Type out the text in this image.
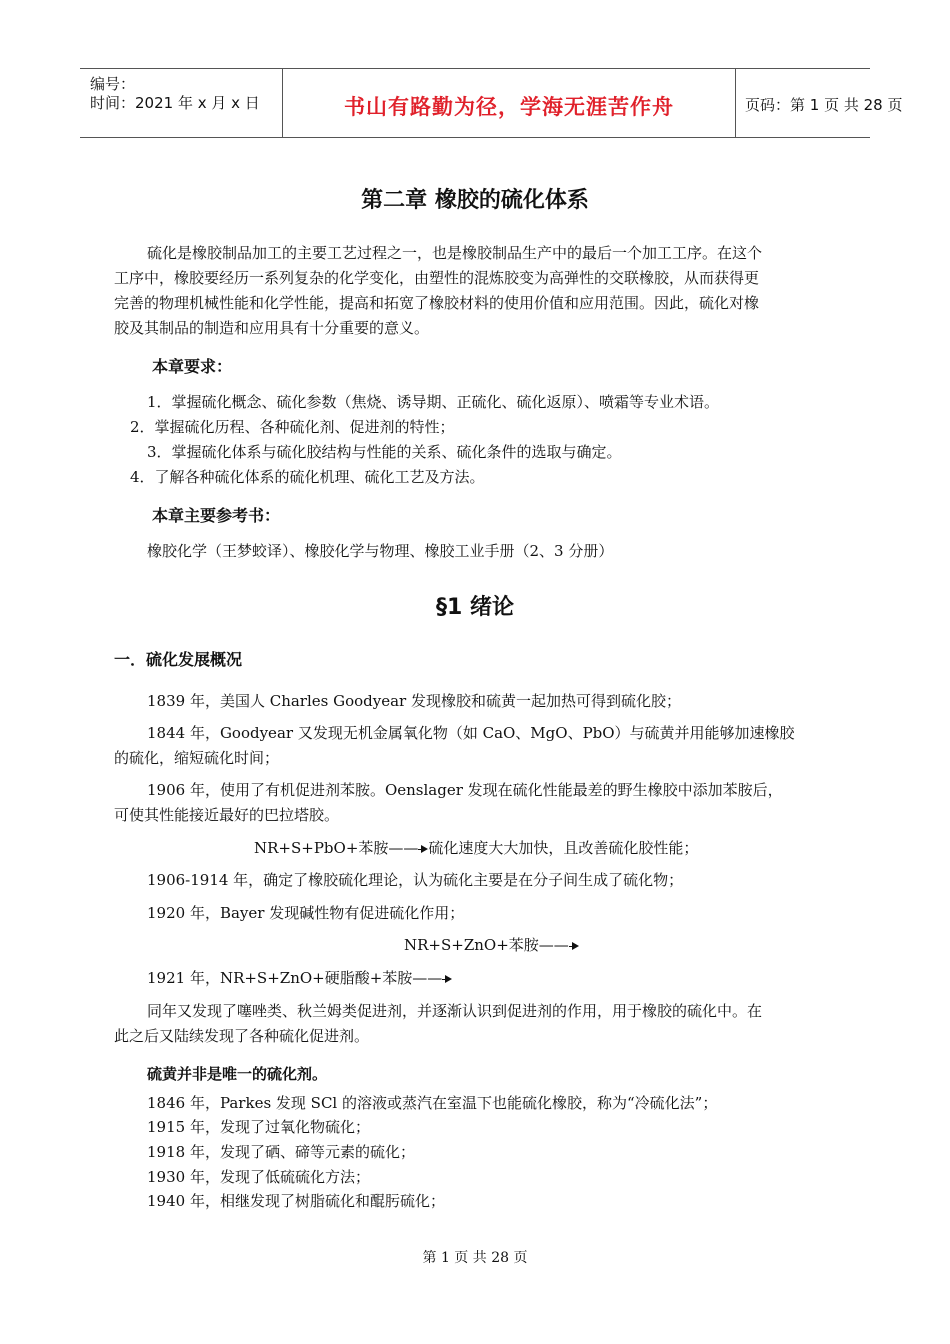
编号：
时间：2021 年 x 月 x 日	书山有路勤为径，学海无涯苦作舟	页码：第 1 页 共 28 页
第二章 橡胶的硫化体系
硫化是橡胶制品加工的主要工艺过程之一，也是橡胶制品生产中的最后一个加工工序。在这个
工序中，橡胶要经历一系列复杂的化学变化，由塑性的混炼胶变为高弹性的交联橡胶，从而获得更
完善的物理机械性能和化学性能，提高和拓宽了橡胶材料的使用价值和应用范围。因此，硫化对橡
胶及其制品的制造和应用具有十分重要的意义。
本章要求：
1．掌握硫化概念、硫化参数（焦烧、诱导期、正硫化、硫化返原）、喷霜等专业术语。
2．掌握硫化历程、各种硫化剂、促进剂的特性；
3．掌握硫化体系与硫化胶结构与性能的关系、硫化条件的选取与确定。
4．了解各种硫化体系的硫化机理、硫化工艺及方法。
本章主要参考书：
橡胶化学（王梦蛟译）、橡胶化学与物理、橡胶工业手册（2、3 分册）
§1 绪论
一．硫化发展概况
1839 年，美国人 Charles Goodyear 发现橡胶和硫黄一起加热可得到硫化胶；
1844 年，Goodyear 又发现无机金属氧化物（如 CaO、MgO、PbO）与硫黄并用能够加速橡胶
的硫化，缩短硫化时间；
1906 年，使用了有机促进剂苯胺。Oenslager 发现在硫化性能最差的野生橡胶中添加苯胺后，
可使其性能接近最好的巴拉塔胶。
NR+S+PbO+苯胺—— 硫化速度大大加快，且改善硫化胶性能；
1906-1914 年，确定了橡胶硫化理论，认为硫化主要是在分子间生成了硫化物；
1920 年，Bayer 发现碱性物有促进硫化作用；
NR+S+ZnO+苯胺——
1921 年，NR+S+ZnO+硬脂酸+苯胺——
同年又发现了噻唑类、秋兰姆类促进剂，并逐渐认识到促进剂的作用，用于橡胶的硫化中。在
此之后又陆续发现了各种硫化促进剂。
硫黄并非是唯一的硫化剂。
1846 年，Parkes 发现 SCl 的溶液或蒸汽在室温下也能硫化橡胶，称为“冷硫化法”；
1915 年，发现了过氧化物硫化；
1918 年，发现了硒、碲等元素的硫化；
1930 年，发现了低硫硫化方法；
1940 年，相继发现了树脂硫化和醌肟硫化；
第 1 页 共 28 页
